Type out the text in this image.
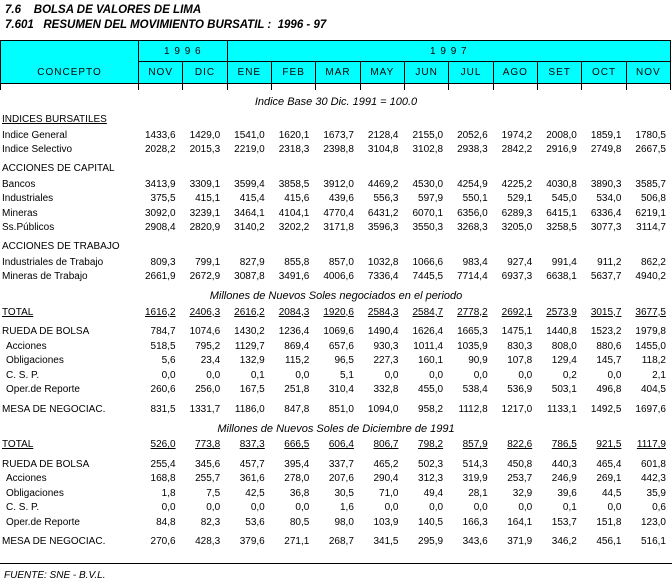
7.6    BOLSA DE VALORES DE LIMA
7.601   RESUMEN DEL MOVIMIENTO BURSATIL :  1996 - 97
CONCEPTO
1 9 9 6	1 9 9 7
NOV	DIC	ENE	FEB	MAR	MAY	JUN	JUL	AGO	SET	OCT	NOV
Indice Base 30 Dic. 1991 = 100.0
INDICES BURSATILES
Indice General	1433,6	1429,0	1541,0	1620,1	1673,7	2128,4	2155,0	2052,6	1974,2	2008,0	1859,1	1780,5
Indice Selectivo	2028,2	2015,3	2219,0	2318,3	2398,8	3104,8	3102,8	2938,3	2842,2	2916,9	2749,8	2667,5
ACCIONES DE CAPITAL
Bancos	3413,9	3309,1	3599,4	3858,5	3912,0	4469,2	4530,0	4254,9	4225,2	4030,8	3890,3	3585,7
Industriales	375,5	415,1	415,4	415,6	439,6	556,3	597,9	550,1	529,1	545,0	534,0	506,8
Mineras	3092,0	3239,1	3464,1	4104,1	4770,4	6431,2	6070,1	6356,0	6289,3	6415,1	6336,4	6219,1
Ss.Públicos	2908,4	2820,9	3140,2	3202,2	3171,8	3596,3	3550,3	3268,3	3205,0	3258,5	3077,3	3114,7
ACCIONES DE TRABAJO
Industriales de Trabajo	809,3	799,1	827,9	855,8	857,0	1032,8	1066,6	983,4	927,4	991,4	911,2	862,2
Mineras de Trabajo	2661,9	2672,9	3087,8	3491,6	4006,6	7336,4	7445,5	7714,4	6937,3	6638,1	5637,7	4940,2
Millones de Nuevos Soles negociados en el periodo
TOTAL	1616,2	2406,3	2616,2	2084,3	1920,6	2584,3	2584,7	2778,2	2692,1	2573,9	3015,7	3677,5
RUEDA DE BOLSA	784,7	1074,6	1430,2	1236,4	1069,6	1490,4	1626,4	1665,3	1475,1	1440,8	1523,2	1979,8
Acciones	518,5	795,2	1129,7	869,4	657,6	930,3	1011,4	1035,9	830,3	808,0	880,6	1455,0
Obligaciones	5,6	23,4	132,9	115,2	96,5	227,3	160,1	90,9	107,8	129,4	145,7	118,2
C. S. P.	0,0	0,0	0,1	0,0	5,1	0,0	0,0	0,0	0,0	0,2	0,0	2,1
Oper.de Reporte	260,6	256,0	167,5	251,8	310,4	332,8	455,0	538,4	536,9	503,1	496,8	404,5
MESA DE NEGOCIAC.	831,5	1331,7	1186,0	847,8	851,0	1094,0	958,2	1112,8	1217,0	1133,1	1492,5	1697,6
Millones de Nuevos Soles de Diciembre de 1991
TOTAL	526,0	773,8	837,3	666,5	606,4	806,7	798,2	857,9	822,6	786,5	921,5	1117,9
RUEDA DE BOLSA	255,4	345,6	457,7	395,4	337,7	465,2	502,3	514,3	450,8	440,3	465,4	601,8
Acciones	168,8	255,7	361,6	278,0	207,6	290,4	312,3	319,9	253,7	246,9	269,1	442,3
Obligaciones	1,8	7,5	42,5	36,8	30,5	71,0	49,4	28,1	32,9	39,6	44,5	35,9
C. S. P.	0,0	0,0	0,0	0,0	1,6	0,0	0,0	0,0	0,0	0,1	0,0	0,6
Oper.de Reporte	84,8	82,3	53,6	80,5	98,0	103,9	140,5	166,3	164,1	153,7	151,8	123,0
MESA DE NEGOCIAC.	270,6	428,3	379,6	271,1	268,7	341,5	295,9	343,6	371,9	346,2	456,1	516,1
FUENTE: SNE - B.V.L.
